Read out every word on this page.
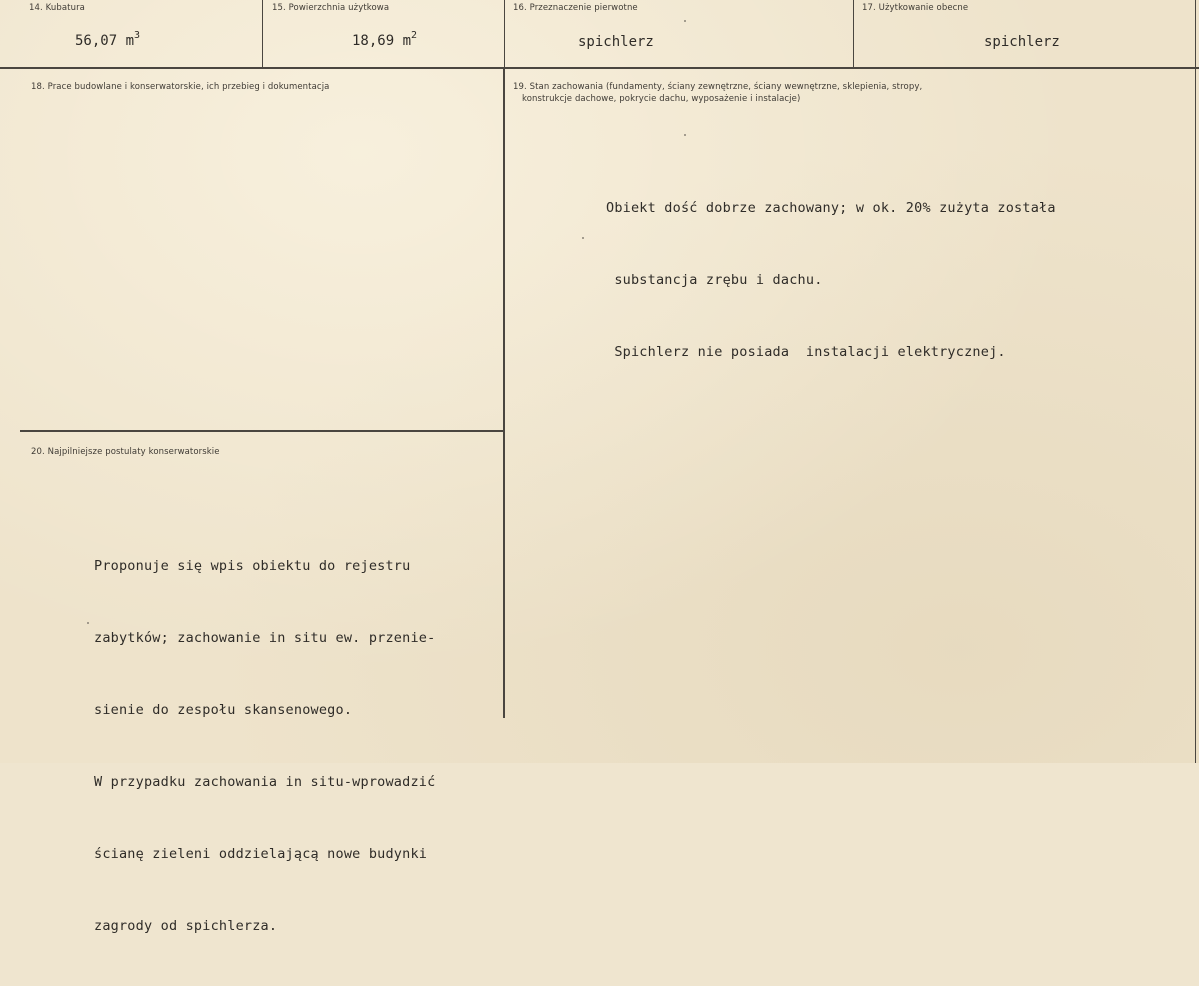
14. Kubatura
56,07 $m^3$
15. Powierzchnia użytkowa
18,69 $m^2$
16. Przeznaczenie pierwotne
spichlerz
17. Użytkowanie obecne
spichlerz
18. Prace budowlane i konserwatorskie, ich przebieg i dokumentacja	19. Stan zachowania (fundamenty, ściany zewnętrzne, ściany wewnętrzne, sklepienia, stropy,
konstrukcje dachowe, pokrycie dachu, wyposażenie i instalacje)

Obiekt dość dobrze zachowany; w ok. 20% zużyta została

substancja zrębu i dachu.

Spichlerz nie posiada  instalacji elektrycznej.

20. Najpilniejsze postulaty konserwatorskie

Proponuje się wpis obiektu do rejestru

zabytków; zachowanie in situ ew. przenie-

sienie do zespołu skansenowego.

W przypadku zachowania in situ-wprowadzić

ścianę zieleni oddzielającą nowe budynki

zagrody od spichlerza.
